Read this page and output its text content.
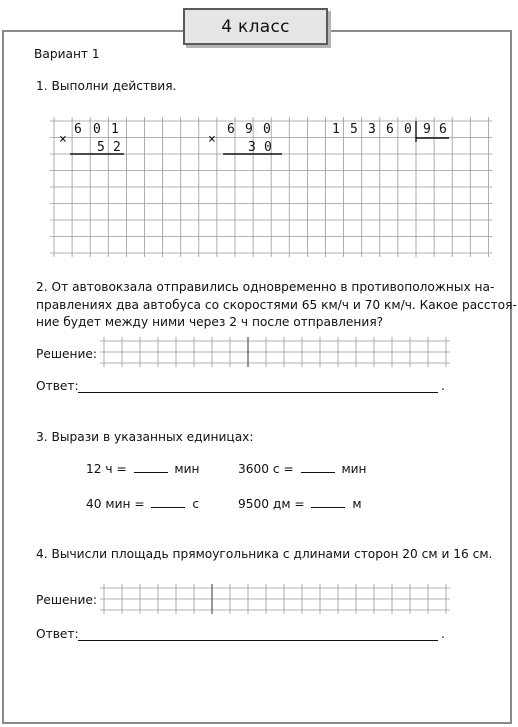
4 класс
Вариант 1
1. Выполни действия.
×
6 0 1
5 2
×
6 9 0
3 0
1 5 3 6 0 9 6
2. От автовокзала отправились одновременно в противоположных на-
правлениях два автобуса со скоростями 65 км/ч и 70 км/ч. Какое расстоя-
ние будет между ними через 2 ч после отправления?
Решение:
Ответ:	.
3. Вырази в указанных единицах:
12 ч =	мин	3600 с =	мин
40 мин =	с	9500 дм =	м
4. Вычисли площадь прямоугольника с длинами сторон 20 см и 16 см.
Решение:
Ответ:	.
